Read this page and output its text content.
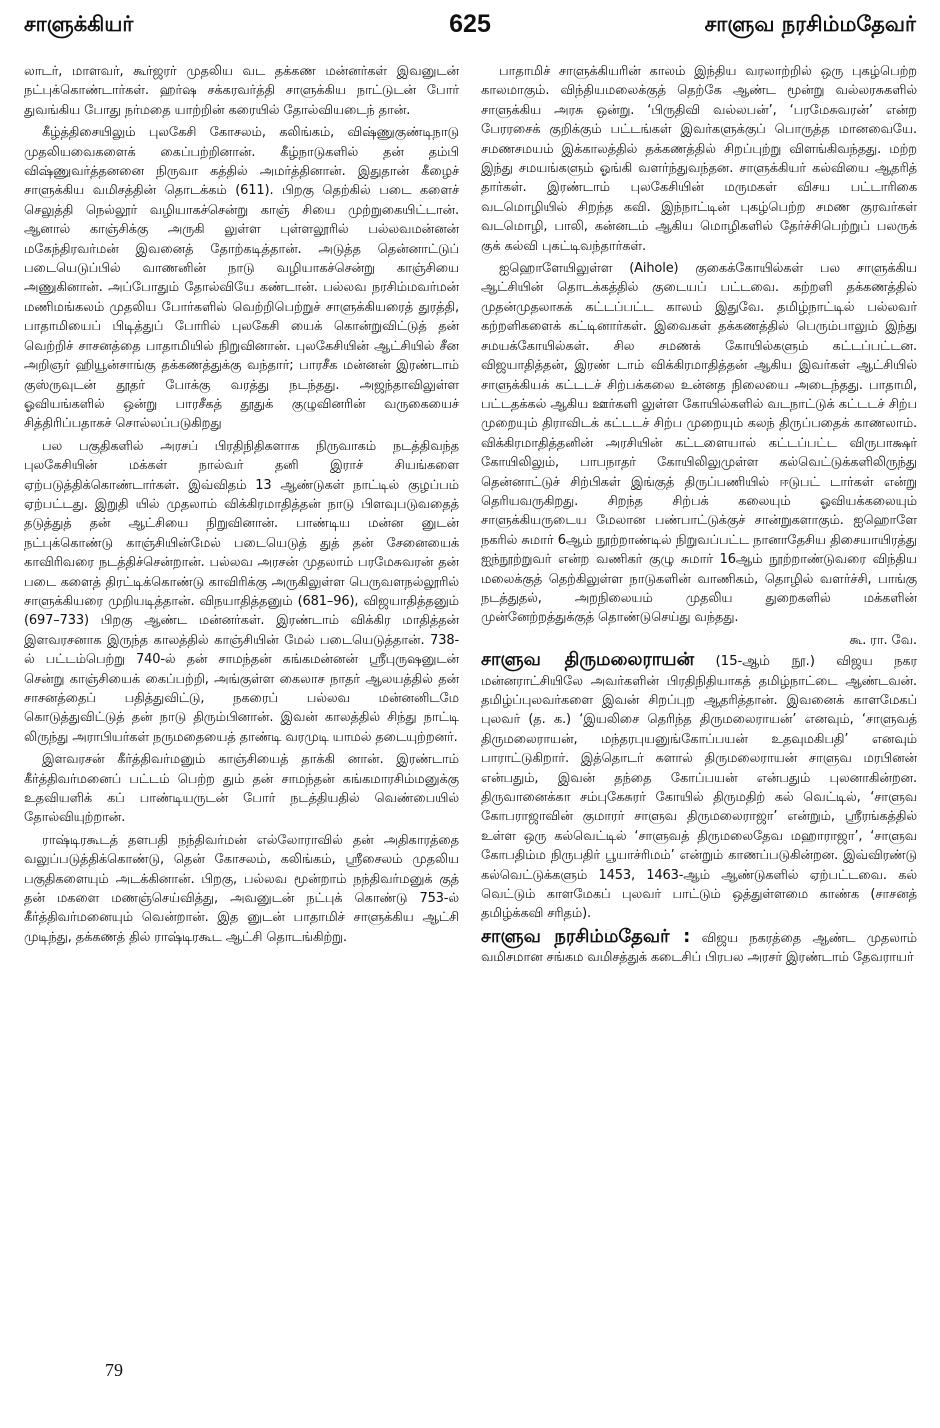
சாளுக்கியர்	625	சாளுவ நரசிம்மதேவர்

லாடர், மாளவர், கூர்ஜரர் முதலிய வட தக்கண மன்னர்கள் இவனுடன் நட்புக்கொண்டார்கள். ஹர்ஷ சக்கரவர்த்தி சாளுக்கிய நாட்டுடன் போர் துவங்கிய போது நர்மதை யாற்றின் கரையில் தோல்வியடைந் தான்.

கீழ்த்திசையிலும் புலகேசி கோசலம், கலிங்கம், விஷ்ணுகுண்டிநாடு முதலியவைகளைக் கைப்பற்றினான். கீழ்நாடுகளில் தன் தம்பி விஷ்ணுவர்த்தனனை நிருவா கத்தில் அமர்த்தினான். இதுதான் கீழைச் சாளுக்கிய வமிசத்தின் தொடக்கம் (611). பிறகு தெற்கில் படை களைச் செலுத்தி நெல்லூர் வழியாகச்சென்று காஞ் சியை முற்றுகையிட்டான். ஆனால் காஞ்சிக்கு அருகி லுள்ள புள்ளலூரில் பல்லவமன்னன் மகேந்திரவர்மன் இவனைத் தோற்கடித்தான். அடுத்த தென்னாட்டுப் படையெடுப்பில் வாணனின் நாடு வழியாகச்சென்று காஞ்சியை அணுகினான். அப்போதும் தோல்வியே கண்டான். பல்லவ நரசிம்மவர்மன் மணிமங்கலம் முதலிய போர்களில் வெற்றிபெற்றுச் சாளுக்கியரைத் துரத்தி, பாதாமியைப் பிடித்துப் போரில் புலகேசி யைக் கொன்றுவிட்டுத் தன் வெற்றிச் சாசனத்தை பாதாமியில் நிறுவினான். புலகேசியின் ஆட்சியில் சீன அறிஞர் ஹியூன்சாங்கு தக்கணத்துக்கு வந்தார்; பாரசீக மன்னன் இரண்டாம் குஸ்ருவுடன் தூதர் போக்கு வரத்து நடந்தது. அஜந்தாவிலுள்ள ஓவியங்களில் ஒன்று பாரசீகத் தூதுக் குழுவினரின் வருகையைச் சித்திரிப்பதாகச் சொல்லப்படுகிறது

பல பகுதிகளில் அரசப் பிரதிநிதிகளாக நிருவாகம் நடத்திவந்த புலகேசியின் மக்கள் நால்வர் தனி இராச் சியங்களை ஏற்படுத்திக்கொண்டார்கள். இவ்விதம் 13 ஆண்டுகள் நாட்டில் குழப்பம் ஏற்பட்டது. இறுதி யில் முதலாம் விக்கிரமாதித்தன் நாடு பிளவுபடுவதைத் தடுத்துத் தன் ஆட்சியை நிறுவினான். பாண்டிய மன்ன னுடன் நட்புக்கொண்டு காஞ்சியின்மேல் படையெடுத் துத் தன் சேனையைக் காவிரிவரை நடத்திச்சென்றான். பல்லவ அரசன் முதலாம் பரமேசுவரன் தன் படை களைத் திரட்டிக்கொண்டு காவிரிக்கு அருகிலுள்ள பெருவளநல்லூரில் சாளுக்கியரை முறியடித்தான். விநயாதித்தனும் (681–96), விஜயாதித்தனும் (697–733) பிறகு ஆண்ட மன்னர்கள். இரண்டாம் விக்கிர மாதித்தன் இளவரசனாக இருந்த காலத்தில் காஞ்சியின் மேல் படையெடுத்தான். 738-ல் பட்டம்பெற்று 740-ல் தன் சாமந்தன் கங்கமன்னன் ஸ்ரீபுருஷனுடன் சென்று காஞ்சியைக் கைப்பற்றி, அங்குள்ள கைலாச நாதர் ஆலயத்தில் தன் சாசனத்தைப் பதித்துவிட்டு, நகரைப் பல்லவ மன்னனிடமே கொடுத்துவிட்டுத் தன் நாடு திரும்பினான். இவன் காலத்தில் சிந்து நாட்டி லிருந்து அராபியர்கள் நருமதையைத் தாண்டி வரமுடி யாமல் தடையுற்றனர்.

இளவரசன் கீர்த்திவர்மனும் காஞ்சியைத் தாக்கி னான். இரண்டாம் கீர்த்திவர்மனைப் பட்டம் பெற்ற தும் தன் சாமந்தன் கங்கமாரசிம்மனுக்கு உதவியளிக் கப் பாண்டியருடன் போர் நடத்தியதில் வெண்பையில் தோல்வியுற்றான்.

ராஷ்டிரகூடத் தளபதி நந்திவர்மன் எல்லோராவில் தன் அதிகாரத்தை வலுப்படுத்திக்கொண்டு, தென் கோசலம், கலிங்கம், ஸ்ரீசைலம் முதலிய பகுதிகளையும் அடக்கினான். பிறகு, பல்லவ மூன்றாம் நந்திவர்மனுக் குத் தன் மகளை மணஞ்செய்வித்து, அவனுடன் நட்புக் கொண்டு 753-ல் கீர்த்திவர்மனையும் வென்றான். இத னுடன் பாதாமிச் சாளுக்கிய ஆட்சி முடிந்து, தக்கணத் தில் ராஷ்டிரகூட ஆட்சி தொடங்கிற்று.

பாதாமிச் சாளுக்கியரின் காலம் இந்திய வரலாற்றில் ஒரு புகழ்பெற்ற காலமாகும். விந்தியமலைக்குத் தெற்கே ஆண்ட மூன்று வல்லரசுகளில் சாளுக்கிய அரசு ஒன்று. ‘பிருதிவி வல்லபன்’, ‘பரமேசுவரன்’ என்ற பேரரசைக் குறிக்கும் பட்டங்கள் இவர்களுக்குப் பொருத்த மானவையே. சமணசமயம் இக்காலத்தில் தக்கணத்தில் சிறப்புற்று விளங்கிவந்தது. மற்ற இந்து சமயங்களும் ஓங்கி வளர்ந்துவந்தன. சாளுக்கியர் கல்வியை ஆதரித் தார்கள். இரண்டாம் புலகேசியின் மருமகள் விசய பட்டாரிகை வடமொழியில் சிறந்த கவி. இந்நாட்டின் புகழ்பெற்ற சமண குரவர்கள் வடமொழி, பாலி, கன்னடம் ஆகிய மொழிகளில் தேர்ச்சிபெற்றுப் பலருக் குக் கல்வி புகட்டிவந்தார்கள்.

ஐஹொளேயிலுள்ள (Aihole) குகைக்கோயில்கள் பல சாளுக்கிய ஆட்சியின் தொடக்கத்தில் குடையப் பட்டவை. கற்றளி தக்கணத்தில் முதன்முதலாகக் கட்டப்பட்ட காலம் இதுவே. தமிழ்நாட்டில் பல்லவர் கற்றளிகளைக் கட்டினார்கள். இவைகள் தக்கணத்தில் பெரும்பாலும் இந்து சமயக்கோயில்கள். சில சமணக் கோயில்களும் கட்டப்பட்டன. விஜயாதித்தன், இரண் டாம் விக்கிரமாதித்தன் ஆகிய இவர்கள் ஆட்சியில் சாளுக்கியக் கட்டடச் சிற்பக்கலை உன்னத நிலையை அடைந்தது. பாதாமி, பட்டதக்கல் ஆகிய ஊர்களி லுள்ள கோயில்களில் வடநாட்டுக் கட்டடச் சிற்ப முறையும் திராவிடக் கட்டடச் சிற்ப முறையும் கலந் திருப்பதைக் காணலாம். விக்கிரமாதித்தனின் அரசியின் கட்டளையால் கட்டப்பட்ட விருபாக்ஷர் கோயிலிலும், பாபநாதர் கோயிலிலுமுள்ள கல்வெட்டுக்களிலிருந்து தென்னாட்டுச் சிற்பிகள் இங்குத் திருப்பணியில் ஈடுபட் டார்கள் என்று தெரியவருகிறது. சிறந்த சிற்பக் கலையும் ஓவியக்கலையும் சாளுக்கியருடைய மேலான பண்பாட்டுக்குச் சான்றுகளாகும். ஐஹொளே நகரில் சுமார் 6ஆம் நூற்றாண்டில் நிறுவப்பட்ட நானாதேசிய திசையாயிரத்து ஐந்நூற்றுவர் என்ற வணிகர் குழு சுமார் 16ஆம் நூற்றாண்டுவரை விந்திய மலைக்குத் தெற்கிலுள்ள நாடுகளின் வாணிகம், தொழில் வளர்ச்சி, பாங்கு நடத்துதல், அறநிலையம் முதலிய துறைகளில் மக்களின் முன்னேற்றத்துக்குத் தொண்டுசெய்து வந்தது.

கூ. ரா. வே.

சாளுவ திருமலைராயன் (15-ஆம் நூ.) விஜய நகர மன்னராட்சியிலே அவர்களின் பிரதிநிதியாகத் தமிழ்நாட்டை ஆண்டவன். தமிழ்ப்புலவர்களை இவன் சிறப்புற ஆதரித்தான். இவனைக் காளமேகப் புலவர் (த. க.) ‘இயலிசை தெரிந்த திருமலைராயன்’ எனவும், ‘சாளுவத் திருமலைராயன், மந்தரபுயனுங்கோப்பயன் உதவுமகிபதி’ எனவும் பாராட்டுகிறார். இத்தொடர் களால் திருமலைராயன் சாளுவ மரபினன் என்பதும், இவன் தந்தை கோப்பயன் என்பதும் புலனாகின்றன. திருவானைக்கா சம்புகேசுரர் கோயில் திருமதிற் கல் வெட்டில், ‘சாளுவ கோபராஜாவின் குமாரர் சாளுவ திருமலைராஜா’ என்றும், ஸ்ரீரங்கத்தில் உள்ள ஒரு கல்வெட்டில் ‘சாளுவத் திருமலைதேவ மஹாராஜா’, ‘சாளுவ கோபதிம்ம நிருபதிர் பூயாச்ரிமம்’ என்றும் காணப்படுகின்றன. இவ்விரண்டு கல்வெட்டுக்களும் 1453, 1463-ஆம் ஆண்டுகளில் ஏற்பட்டவை. கல் வெட்டும் காளமேகப் புலவர் பாட்டும் ஒத்துள்ளமை காண்க (சாசனத் தமிழ்க்கவி சரிதம்).

சாளுவ நரசிம்மதேவர் : விஜய நகரத்தை ஆண்ட முதலாம் வமிசமான சங்கம வமிசத்துக் கடைசிப் பிரபல அரசர் இரண்டாம் தேவராயர்

79
